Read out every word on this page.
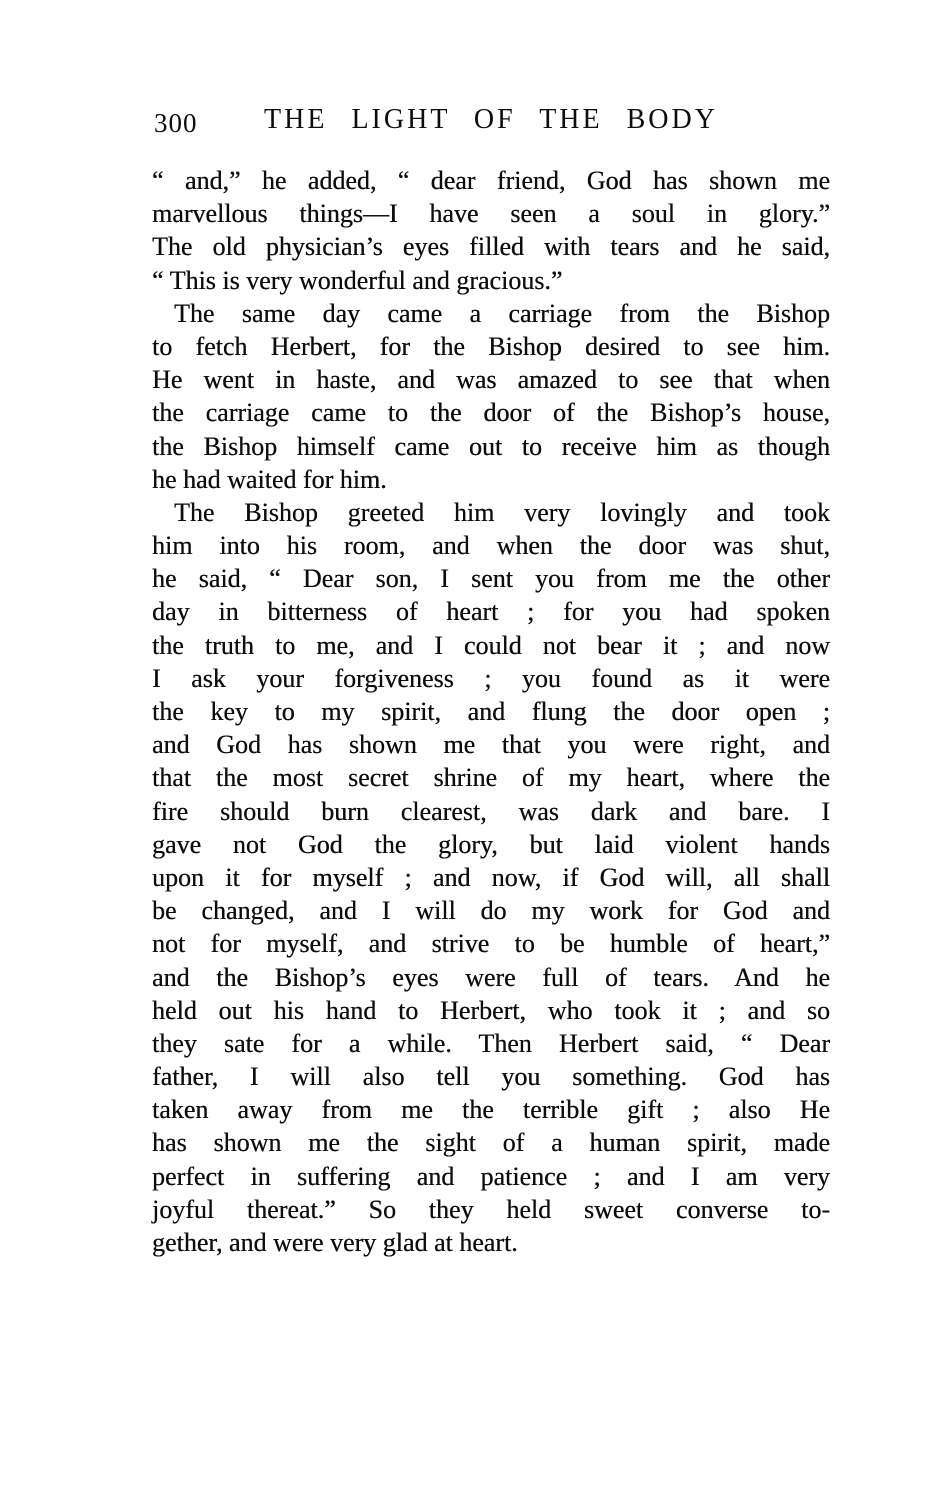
300	THE LIGHT OF THE BODY
“ and,” he added, “ dear friend, God has shown me
marvellous things—I have seen a soul in glory.”
The old physician’s eyes filled with tears and he said,
“ This is very wonderful and gracious.”
The same day came a carriage from the Bishop
to fetch Herbert, for the Bishop desired to see him.
He went in haste, and was amazed to see that when
the carriage came to the door of the Bishop’s house,
the Bishop himself came out to receive him as though
he had waited for him.
The Bishop greeted him very lovingly and took
him into his room, and when the door was shut,
he said, “ Dear son, I sent you from me the other
day in bitterness of heart ; for you had spoken
the truth to me, and I could not bear it ; and now
I ask your forgiveness ; you found as it were
the key to my spirit, and flung the door open ;
and God has shown me that you were right, and
that the most secret shrine of my heart, where the
fire should burn clearest, was dark and bare. I
gave not God the glory, but laid violent hands
upon it for myself ; and now, if God will, all shall
be changed, and I will do my work for God and
not for myself, and strive to be humble of heart,”
and the Bishop’s eyes were full of tears. And he
held out his hand to Herbert, who took it ; and so
they sate for a while. Then Herbert said, “ Dear
father, I will also tell you something. God has
taken away from me the terrible gift ; also He
has shown me the sight of a human spirit, made
perfect in suffering and patience ; and I am very
joyful thereat.” So they held sweet converse to-
gether, and were very glad at heart.
